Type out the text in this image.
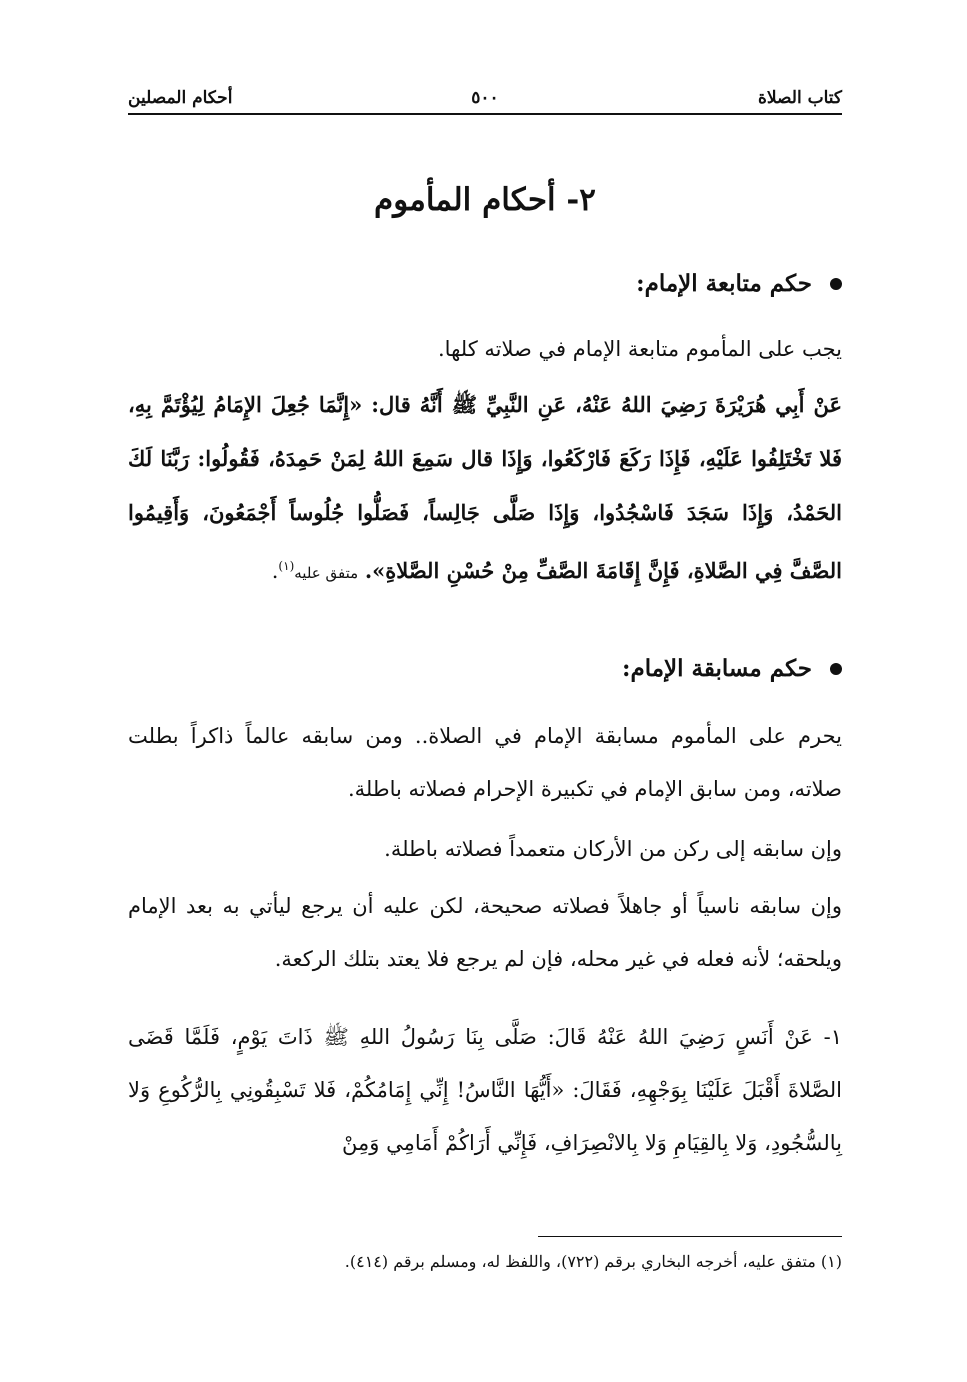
كتاب الصلاة
٥٠٠
أحكام المصلين
٢- أحكام المأموم
حكم متابعة الإمام:

يجب على المأموم متابعة الإمام في صلاته كلها.

عَنْ أَبِي هُرَيْرَةَ رَضِيَ اللهُ عَنْهُ، عَنِ النَّبِيِّ ﷺ أَنَّهُ قال: «إِنَّمَا جُعِلَ الإِمَامُ لِيُؤْتَمَّ بِهِ، فَلا تَخْتَلِفُوا عَلَيْهِ، فَإِذَا رَكَعَ فَارْكَعُوا، وَإِذَا قال سَمِعَ اللهُ لِمَنْ حَمِدَهُ، فَقُولُوا: رَبَّنَا لَكَ الحَمْدُ، وَإِذَا سَجَدَ فَاسْجُدُوا، وَإِذَا صَلَّى جَالِساً، فَصَلُّوا جُلُوساً أَجْمَعُونَ، وَأَقِيمُوا الصَّفَّ فِي الصَّلاةِ، فَإِنَّ إِقَامَةَ الصَّفِّ مِنْ حُسْنِ الصَّلاةِ». متفق عليه$^{(١)}$.

حكم مسابقة الإمام:

يحرم على المأموم مسابقة الإمام في الصلاة.. ومن سابقه عالماً ذاكراً بطلت صلاته، ومن سابق الإمام في تكبيرة الإحرام فصلاته باطلة.

وإن سابقه إلى ركن من الأركان متعمداً فصلاته باطلة.

وإن سابقه ناسياً أو جاهلاً فصلاته صحيحة، لكن عليه أن يرجع ليأتي به بعد الإمام ويلحقه؛ لأنه فعله في غير محله، فإن لم يرجع فلا يعتد بتلك الركعة.

١- عَنْ أَنَسٍ رَضِيَ اللهُ عَنْهُ قَالَ: صَلَّى بِنَا رَسُولُ اللهِ ﷺ ذَاتَ يَوْمٍ، فَلَمَّا قَضَى الصَّلاةَ أَقْبَلَ عَلَيْنَا بِوَجْهِهِ، فَقَالَ: «أَيُّهَا النَّاسُ! إِنِّي إِمَامُكُمْ، فَلا تَسْبِقُونِي بِالرُّكُوعِ وَلا بِالسُّجُودِ، وَلا بِالقِيَامِ وَلا بِالانْصِرَافِ، فَإِنِّي أَرَاكُمْ أَمَامِي وَمِنْ

(١) متفق عليه، أخرجه البخاري برقم (٧٢٢)، واللفظ له، ومسلم برقم (٤١٤).
